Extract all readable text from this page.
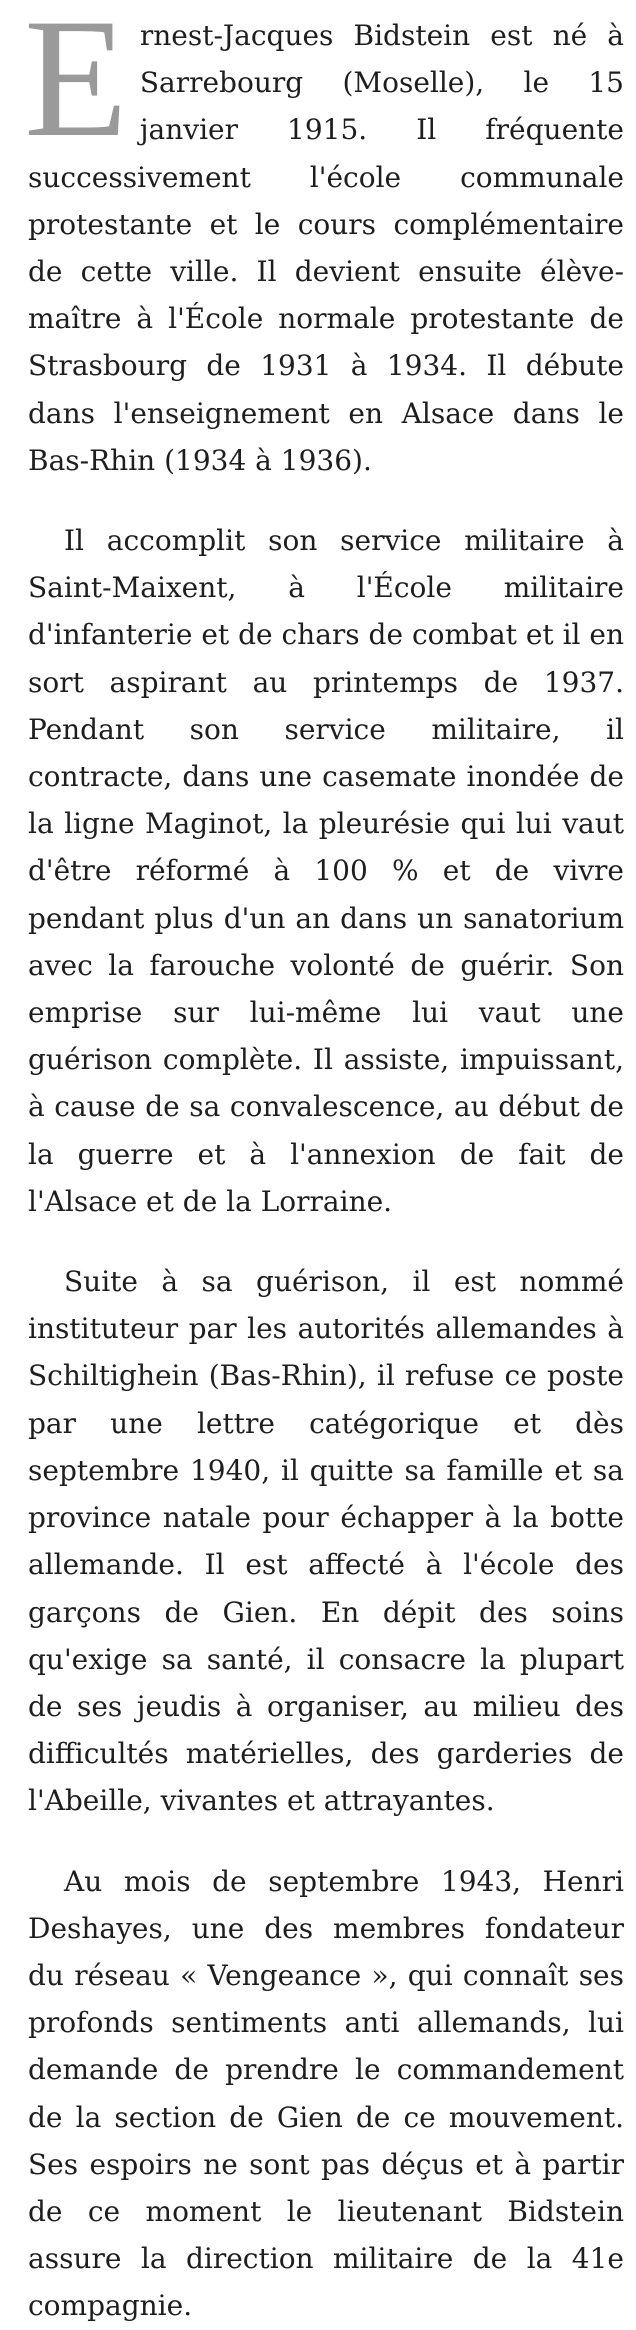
Ernest-Jacques Bidstein est né à Sarrebourg (Moselle), le 15 janvier 1915. Il fréquente successivement l'école communale protestante et le cours complémentaire de cette ville. Il devient ensuite élève-maître à l'École normale protestante de Strasbourg de 1931 à 1934. Il débute dans l'enseignement en Alsace dans le Bas-Rhin (1934 à 1936).

Il accomplit son service militaire à Saint-Maixent, à l'École militaire d'infanterie et de chars de combat et il en sort aspirant au printemps de 1937. Pendant son service militaire, il contracte, dans une casemate inondée de la ligne Maginot, la pleurésie qui lui vaut d'être réformé à 100 % et de vivre pendant plus d'un an dans un sanatorium avec la farouche volonté de guérir. Son emprise sur lui-même lui vaut une guérison complète. Il assiste, impuissant, à cause de sa convalescence, au début de la guerre et à l'annexion de fait de l'Alsace et de la Lorraine.

Suite à sa guérison, il est nommé instituteur par les autorités allemandes à Schiltighein (Bas-Rhin), il refuse ce poste par une lettre catégorique et dès septembre 1940, il quitte sa famille et sa province natale pour échapper à la botte allemande. Il est affecté à l'école des garçons de Gien. En dépit des soins qu'exige sa santé, il consacre la plupart de ses jeudis à organiser, au milieu des difficultés matérielles, des garderies de l'Abeille, vivantes et attrayantes.

Au mois de septembre 1943, Henri Deshayes, une des membres fondateur du réseau « Vengeance », qui connaît ses profonds sentiments anti allemands, lui demande de prendre le commandement de la section de Gien de ce mouvement. Ses espoirs ne sont pas déçus et à partir de ce moment le lieutenant Bidstein assure la direction militaire de la 41e compagnie.
